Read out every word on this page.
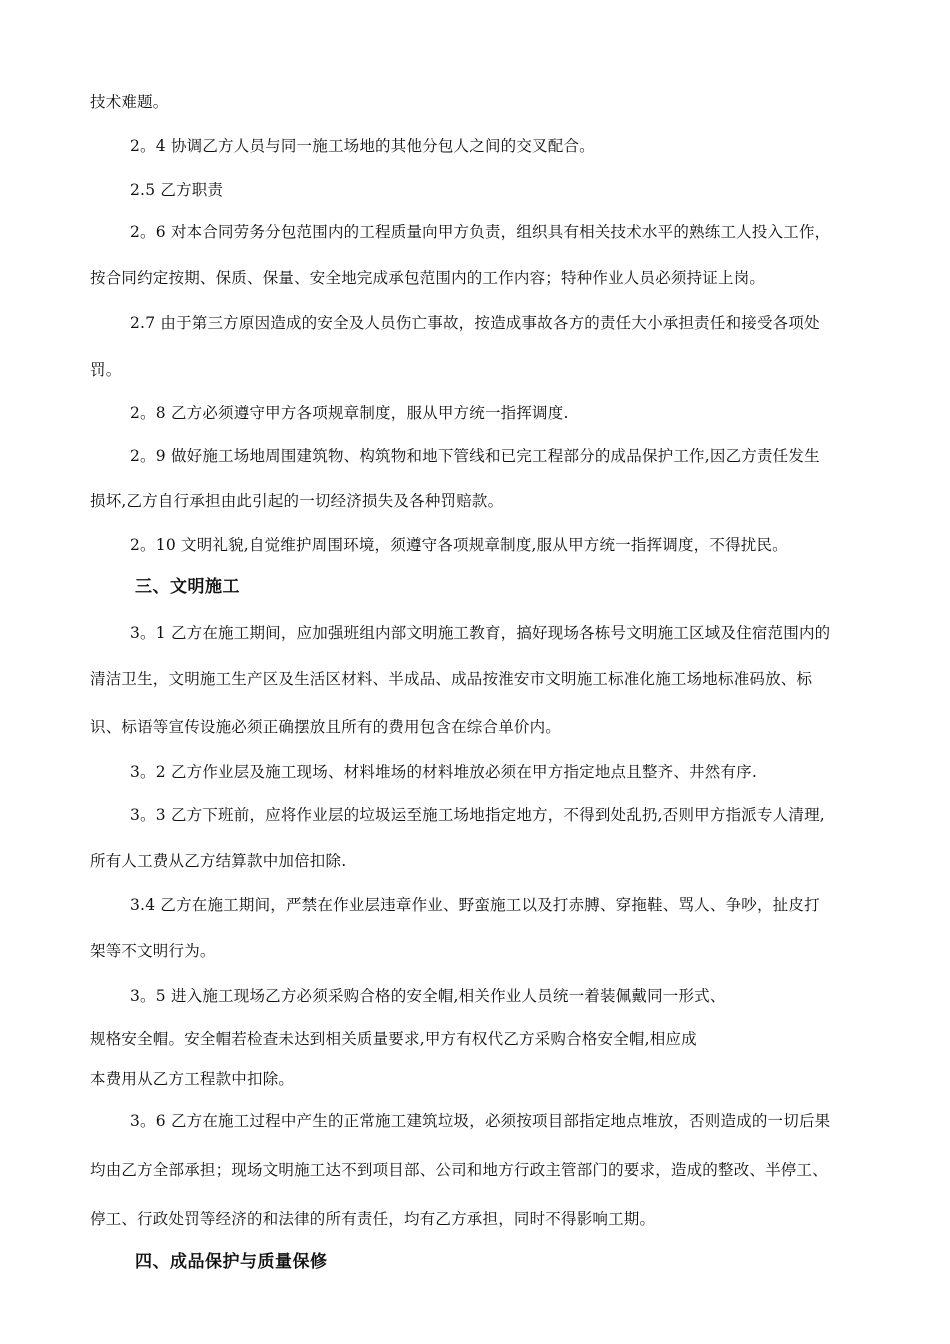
技术难题。
2。4 协调乙方人员与同一施工场地的其他分包人之间的交叉配合。
2.5 乙方职责
2。6 对本合同劳务分包范围内的工程质量向甲方负责，组织具有相关技术水平的熟练工人投入工作，
按合同约定按期、保质、保量、安全地完成承包范围内的工作内容；特种作业人员必须持证上岗。
2.7 由于第三方原因造成的安全及人员伤亡事故，按造成事故各方的责任大小承担责任和接受各项处
罚。
2。8 乙方必须遵守甲方各项规章制度，服从甲方统一指挥调度.
2。9 做好施工场地周围建筑物、构筑物和地下管线和已完工程部分的成品保护工作,因乙方责任发生
损坏,乙方自行承担由此引起的一切经济损失及各种罚赔款。
2。10 文明礼貌,自觉维护周围环境，须遵守各项规章制度,服从甲方统一指挥调度，不得扰民。
三、文明施工
3。1 乙方在施工期间，应加强班组内部文明施工教育，搞好现场各栋号文明施工区域及住宿范围内的
清洁卫生，文明施工生产区及生活区材料、半成品、成品按淮安市文明施工标准化施工场地标准码放、标
识、标语等宣传设施必须正确摆放且所有的费用包含在综合单价内。
3。2 乙方作业层及施工现场、材料堆场的材料堆放必须在甲方指定地点且整齐、井然有序.
3。3 乙方下班前，应将作业层的垃圾运至施工场地指定地方，不得到处乱扔,否则甲方指派专人清理,
所有人工费从乙方结算款中加倍扣除.
3.4 乙方在施工期间，严禁在作业层违章作业、野蛮施工以及打赤膊、穿拖鞋、骂人、争吵，扯皮打
架等不文明行为。
3。5 进入施工现场乙方必须采购合格的安全帽,相关作业人员统一着装佩戴同一形式、
规格安全帽。安全帽若检查未达到相关质量要求,甲方有权代乙方采购合格安全帽,相应成
本费用从乙方工程款中扣除。
3。6 乙方在施工过程中产生的正常施工建筑垃圾，必须按项目部指定地点堆放，否则造成的一切后果
均由乙方全部承担；现场文明施工达不到项目部、公司和地方行政主管部门的要求，造成的整改、半停工、
停工、行政处罚等经济的和法律的所有责任，均有乙方承担，同时不得影响工期。
四、成品保护与质量保修
